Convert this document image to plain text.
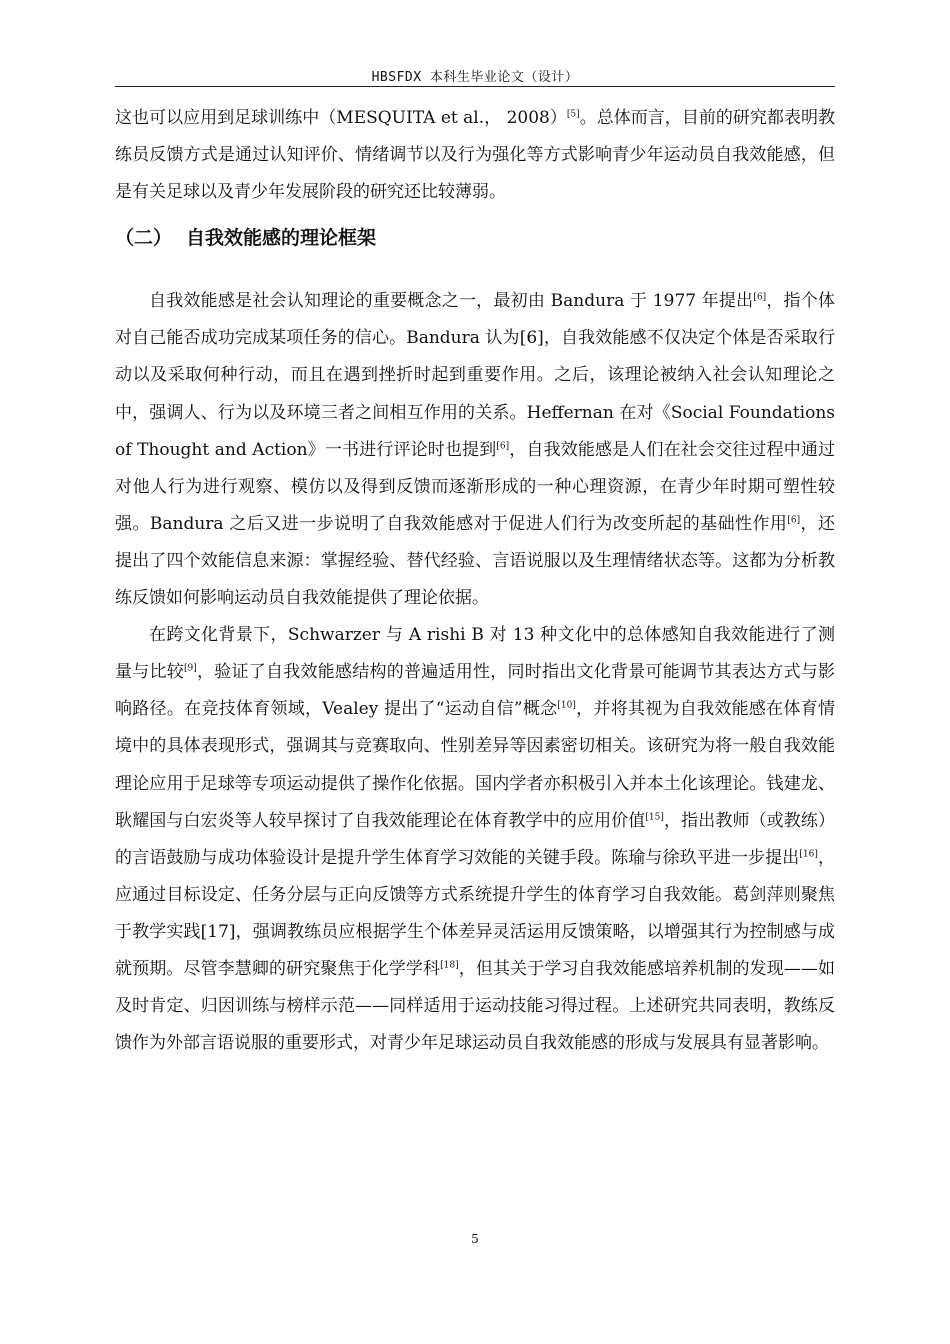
HBSFDX 本科生毕业论文（设计）

这也可以应用到足球训练中（MESQUITA et al.， 2008）[5]。总体而言，目前的研究都表明教练员反馈方式是通过认知评价、情绪调节以及行为强化等方式影响青少年运动员自我效能感，但是有关足球以及青少年发展阶段的研究还比较薄弱。

（二） 自我效能感的理论框架

自我效能感是社会认知理论的重要概念之一，最初由 Bandura 于 1977 年提出[6]，指个体对自己能否成功完成某项任务的信心。Bandura 认为[6]，自我效能感不仅决定个体是否采取行动以及采取何种行动，而且在遇到挫折时起到重要作用。之后，该理论被纳入社会认知理论之中，强调人、行为以及环境三者之间相互作用的关系。Heffernan 在对《Social Foundations of Thought and Action》一书进行评论时也提到[6]，自我效能感是人们在社会交往过程中通过对他人行为进行观察、模仿以及得到反馈而逐渐形成的一种心理资源，在青少年时期可塑性较强。Bandura 之后又进一步说明了自我效能感对于促进人们行为改变所起的基础性作用[6]，还提出了四个效能信息来源：掌握经验、替代经验、言语说服以及生理情绪状态等。这都为分析教练反馈如何影响运动员自我效能提供了理论依据。

在跨文化背景下，Schwarzer 与 A rishi B 对 13 种文化中的总体感知自我效能进行了测量与比较[9]，验证了自我效能感结构的普遍适用性，同时指出文化背景可能调节其表达方式与影响路径。在竞技体育领域，Vealey 提出了“运动自信”概念[10]，并将其视为自我效能感在体育情境中的具体表现形式，强调其与竞赛取向、性别差异等因素密切相关。该研究为将一般自我效能理论应用于足球等专项运动提供了操作化依据。国内学者亦积极引入并本土化该理论。钱建龙、耿耀国与白宏炎等人较早探讨了自我效能理论在体育教学中的应用价值[15]，指出教师（或教练）的言语鼓励与成功体验设计是提升学生体育学习效能的关键手段。陈瑜与徐玖平进一步提出[16]，应通过目标设定、任务分层与正向反馈等方式系统提升学生的体育学习自我效能。葛剑萍则聚焦于教学实践[17]，强调教练员应根据学生个体差异灵活运用反馈策略，以增强其行为控制感与成就预期。尽管李慧卿的研究聚焦于化学学科[18]，但其关于学习自我效能感培养机制的发现——如及时肯定、归因训练与榜样示范——同样适用于运动技能习得过程。上述研究共同表明，教练反馈作为外部言语说服的重要形式，对青少年足球运动员自我效能感的形成与发展具有显著影响。

5
